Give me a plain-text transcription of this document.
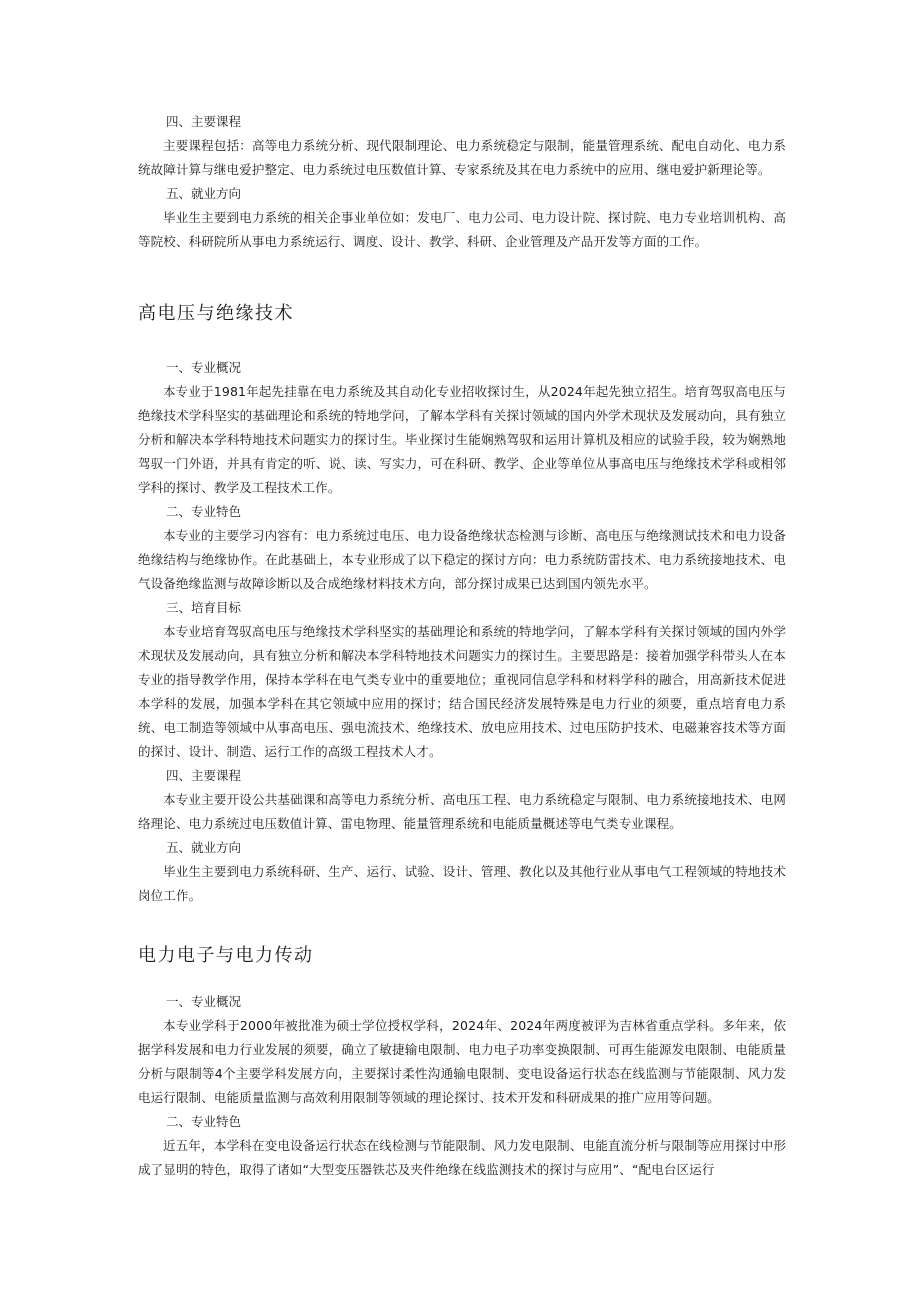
四、主要课程

主要课程包括：高等电力系统分析、现代限制理论、电力系统稳定与限制，能量管理系统、配电自动化、电力系统故障计算与继电爱护整定、电力系统过电压数值计算、专家系统及其在电力系统中的应用、继电爱护新理论等。

五、就业方向

毕业生主要到电力系统的相关企事业单位如：发电厂、电力公司、电力设计院、探讨院、电力专业培训机构、高等院校、科研院所从事电力系统运行、调度、设计、教学、科研、企业管理及产品开发等方面的工作。

高电压与绝缘技术

一、专业概况

本专业于1981年起先挂靠在电力系统及其自动化专业招收探讨生，从2024年起先独立招生。培育驾驭高电压与绝缘技术学科坚实的基础理论和系统的特地学问，了解本学科有关探讨领域的国内外学术现状及发展动向，具有独立分析和解决本学科特地技术问题实力的探讨生。毕业探讨生能娴熟驾驭和运用计算机及相应的试验手段，较为娴熟地驾驭一门外语，并具有肯定的听、说、读、写实力，可在科研、教学、企业等单位从事高电压与绝缘技术学科或相邻学科的探讨、教学及工程技术工作。

二、专业特色

本专业的主要学习内容有：电力系统过电压、电力设备绝缘状态检测与诊断、高电压与绝缘测试技术和电力设备绝缘结构与绝缘协作。在此基础上，本专业形成了以下稳定的探讨方向：电力系统防雷技术、电力系统接地技术、电气设备绝缘监测与故障诊断以及合成绝缘材料技术方向，部分探讨成果已达到国内领先水平。

三、培育目标

本专业培育驾驭高电压与绝缘技术学科坚实的基础理论和系统的特地学问，了解本学科有关探讨领域的国内外学术现状及发展动向，具有独立分析和解决本学科特地技术问题实力的探讨生。主要思路是：接着加强学科带头人在本专业的指导教学作用，保持本学科在电气类专业中的重要地位；重视同信息学科和材料学科的融合，用高新技术促进本学科的发展，加强本学科在其它领域中应用的探讨；结合国民经济发展特殊是电力行业的须要，重点培育电力系统、电工制造等领域中从事高电压、强电流技术、绝缘技术、放电应用技术、过电压防护技术、电磁兼容技术等方面的探讨、设计、制造、运行工作的高级工程技术人才。

四、主要课程

本专业主要开设公共基础课和高等电力系统分析、高电压工程、电力系统稳定与限制、电力系统接地技术、电网络理论、电力系统过电压数值计算、雷电物理、能量管理系统和电能质量概述等电气类专业课程。

五、就业方向

毕业生主要到电力系统科研、生产、运行、试验、设计、管理、教化以及其他行业从事电气工程领域的特地技术岗位工作。

电力电子与电力传动

一、专业概况

本专业学科于2000年被批准为硕士学位授权学科，2024年、2024年两度被评为吉林省重点学科。多年来，依据学科发展和电力行业发展的须要，确立了敏捷输电限制、电力电子功率变换限制、可再生能源发电限制、电能质量分析与限制等4个主要学科发展方向，主要探讨柔性沟通输电限制、变电设备运行状态在线监测与节能限制、风力发电运行限制、电能质量监测与高效利用限制等领域的理论探讨、技术开发和科研成果的推广应用等问题。

二、专业特色

近五年，本学科在变电设备运行状态在线检测与节能限制、风力发电限制、电能直流分析与限制等应用探讨中形成了显明的特色，取得了诸如“大型变压器铁芯及夹件绝缘在线监测技术的探讨与应用”、“配电台区运行
